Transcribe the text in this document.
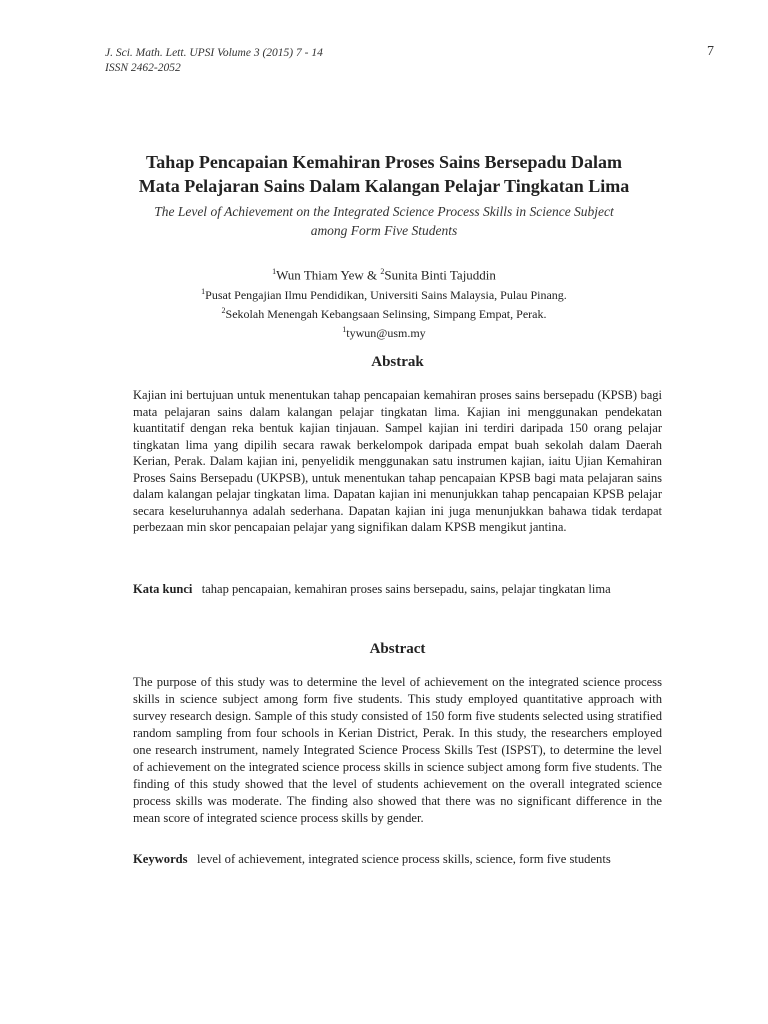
J. Sci. Math. Lett. UPSI Volume 3 (2015) 7 - 14
ISSN 2462-2052
7
Tahap Pencapaian Kemahiran Proses Sains Bersepadu Dalam
Mata Pelajaran Sains Dalam Kalangan Pelajar Tingkatan Lima
The Level of Achievement on the Integrated Science Process Skills in Science Subject
among Form Five Students
$^1$Wun Thiam Yew & $^2$Sunita Binti Tajuddin
$^1$Pusat Pengajian Ilmu Pendidikan, Universiti Sains Malaysia, Pulau Pinang.
$^2$Sekolah Menengah Kebangsaan Selinsing, Simpang Empat, Perak.
$^1$tywun@usm.my
Abstrak

Kajian ini bertujuan untuk menentukan tahap pencapaian kemahiran proses sains bersepadu (KPSB) bagi mata pelajaran sains dalam kalangan pelajar tingkatan lima. Kajian ini menggunakan pendekatan kuantitatif dengan reka bentuk kajian tinjauan. Sampel kajian ini terdiri daripada 150 orang pelajar tingkatan lima yang dipilih secara rawak berkelompok daripada empat buah sekolah dalam Daerah Kerian, Perak. Dalam kajian ini, penyelidik menggunakan satu instrumen kajian, iaitu Ujian Kemahiran Proses Sains Bersepadu (UKPSB), untuk menentukan tahap pencapaian KPSB bagi mata pelajaran sains dalam kalangan pelajar tingkatan lima. Dapatan kajian ini menunjukkan tahap pencapaian KPSB pelajar secara keseluruhannya adalah sederhana. Dapatan kajian ini juga menunjukkan bahawa tidak terdapat perbezaan min skor pencapaian pelajar yang signifikan dalam KPSB mengikut jantina.

Kata kunci tahap pencapaian, kemahiran proses sains bersepadu, sains, pelajar tingkatan lima

Abstract

The purpose of this study was to determine the level of achievement on the integrated science process skills in science subject among form five students. This study employed quantitative approach with survey research design. Sample of this study consisted of 150 form five students selected using stratified random sampling from four schools in Kerian District, Perak. In this study, the researchers employed one research instrument, namely Integrated Science Process Skills Test (ISPST), to determine the level of achievement on the integrated science process skills in science subject among form five students. The finding of this study showed that the level of students achievement on the overall integrated science process skills was moderate. The finding also showed that there was no significant difference in the mean score of integrated science process skills by gender.

Keywords level of achievement, integrated science process skills, science, form five students
